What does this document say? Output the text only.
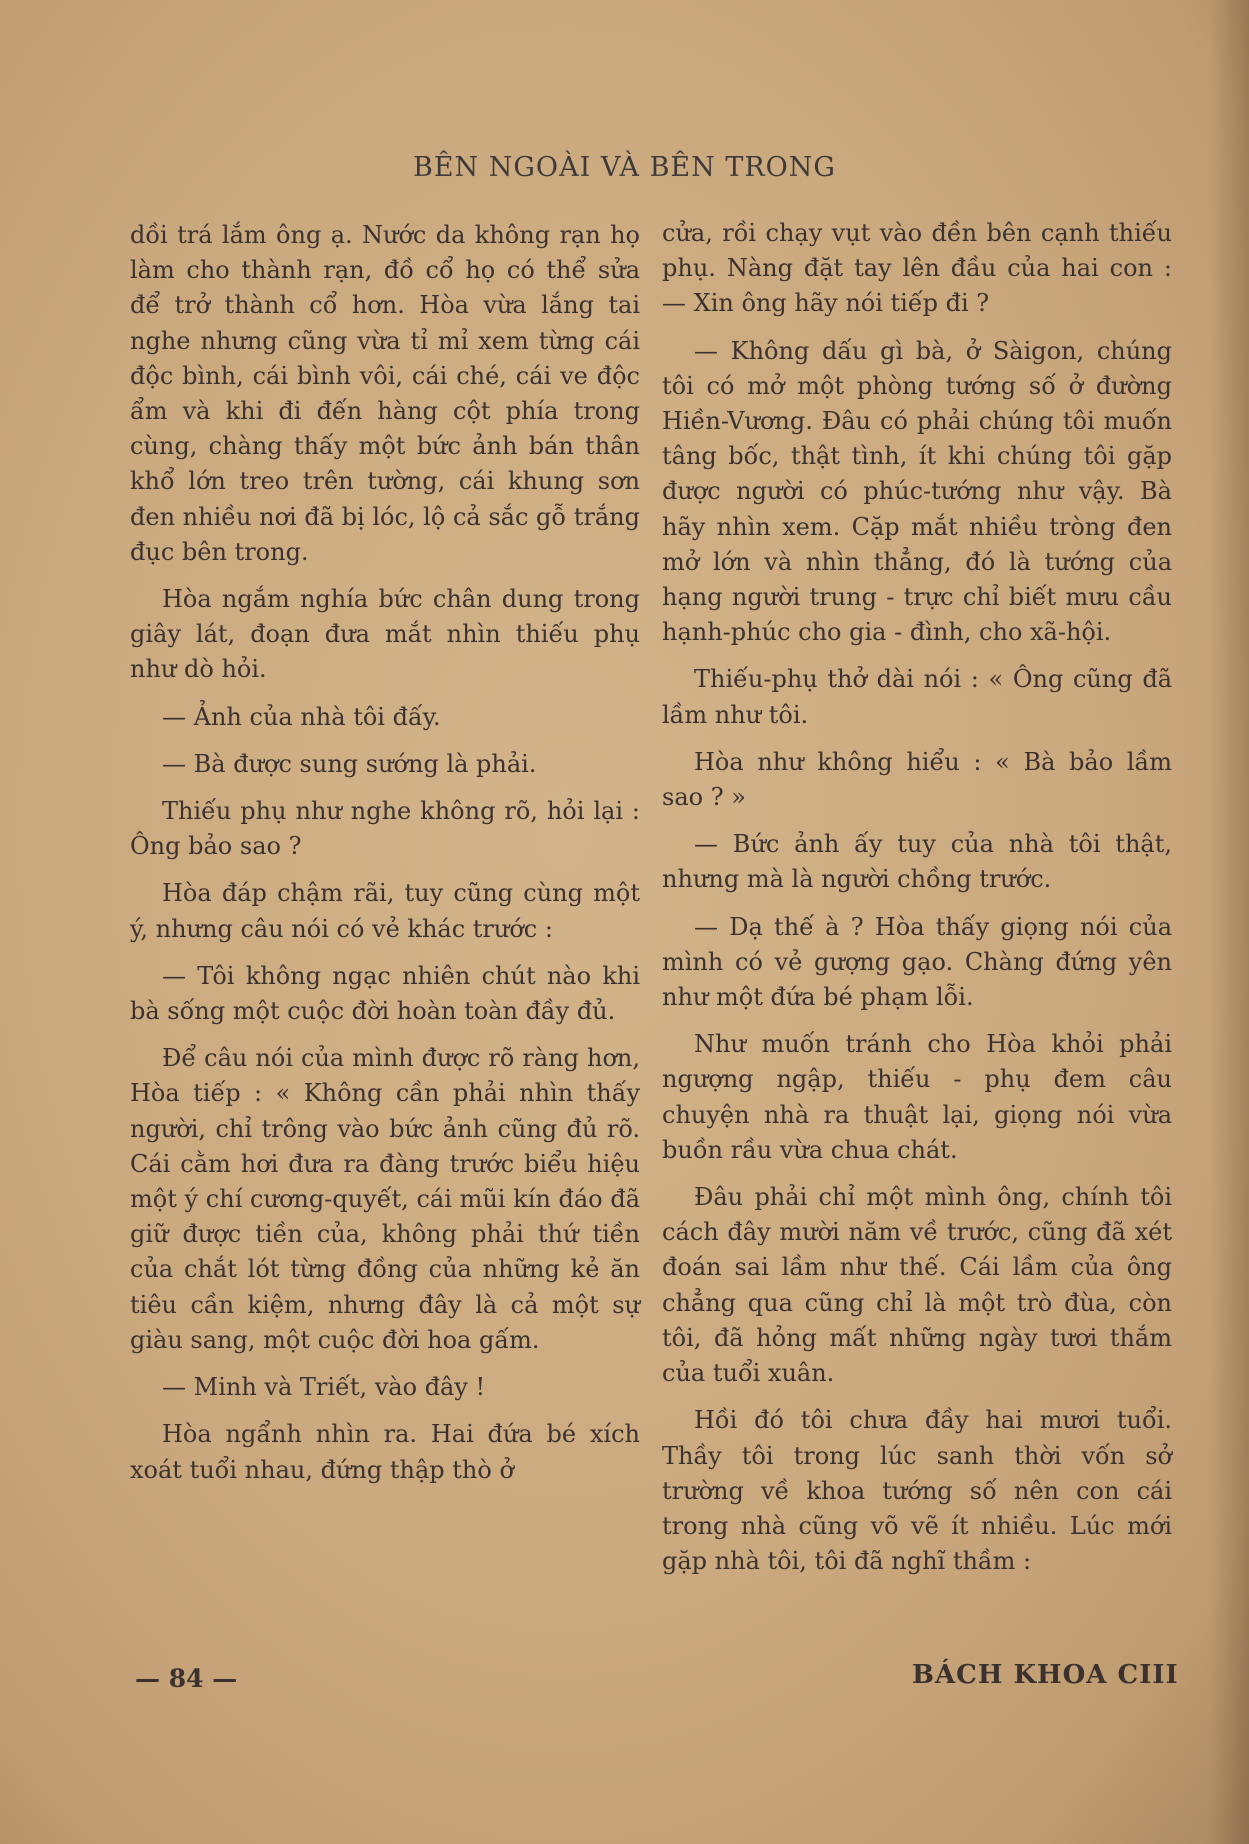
BÊN NGOÀI VÀ BÊN TRONG

dồi trá lắm ông ạ. Nước da không rạn họ làm cho thành rạn, đồ cổ họ có thể sửa để trở thành cổ hơn. Hòa vừa lắng tai nghe nhưng cũng vừa tỉ mỉ xem từng cái độc bình, cái bình vôi, cái ché, cái ve độc ẩm và khi đi đến hàng cột phía trong cùng, chàng thấy một bức ảnh bán thân khổ lớn treo trên tường, cái khung sơn đen nhiều nơi đã bị lóc, lộ cả sắc gỗ trắng đục bên trong.

Hòa ngắm nghía bức chân dung trong giây lát, đoạn đưa mắt nhìn thiếu phụ như dò hỏi.

— Ảnh của nhà tôi đấy.

— Bà được sung sướng là phải.

Thiếu phụ như nghe không rõ, hỏi lại : Ông bảo sao ?

Hòa đáp chậm rãi, tuy cũng cùng một ý, nhưng câu nói có vẻ khác trước :

— Tôi không ngạc nhiên chút nào khi bà sống một cuộc đời hoàn toàn đầy đủ.

Để câu nói của mình được rõ ràng hơn, Hòa tiếp : « Không cần phải nhìn thấy người, chỉ trông vào bức ảnh cũng đủ rõ. Cái cằm hơi đưa ra đàng trước biểu hiệu một ý chí cương-quyết, cái mũi kín đáo đã giữ được tiền của, không phải thứ tiền của chắt lót từng đồng của những kẻ ăn tiêu cần kiệm, nhưng đây là cả một sự giàu sang, một cuộc đời hoa gấm.

— Minh và Triết, vào đây !

Hòa ngẩnh nhìn ra. Hai đứa bé xích xoát tuổi nhau, đứng thập thò ở

cửa, rồi chạy vụt vào đền bên cạnh thiếu phụ. Nàng đặt tay lên đầu của hai con : — Xin ông hãy nói tiếp đi ?

— Không dấu gì bà, ở Sàigon, chúng tôi có mở một phòng tướng số ở đường Hiền-Vương. Đâu có phải chúng tôi muốn tâng bốc, thật tình, ít khi chúng tôi gặp được người có phúc-tướng như vậy. Bà hãy nhìn xem. Cặp mắt nhiều tròng đen mở lớn và nhìn thẳng, đó là tướng của hạng người trung - trực chỉ biết mưu cầu hạnh-phúc cho gia - đình, cho xã-hội.

Thiếu-phụ thở dài nói : « Ông cũng đã lầm như tôi.

Hòa như không hiểu : « Bà bảo lầm sao ? »

— Bức ảnh ấy tuy của nhà tôi thật, nhưng mà là người chồng trước.

— Dạ thế à ? Hòa thấy giọng nói của mình có vẻ gượng gạo. Chàng đứng yên như một đứa bé phạm lỗi.

Như muốn tránh cho Hòa khỏi phải ngượng ngập, thiếu - phụ đem câu chuyện nhà ra thuật lại, giọng nói vừa buồn rầu vừa chua chát.

Đâu phải chỉ một mình ông, chính tôi cách đây mười năm về trước, cũng đã xét đoán sai lầm như thế. Cái lầm của ông chẳng qua cũng chỉ là một trò đùa, còn tôi, đã hỏng mất những ngày tươi thắm của tuổi xuân.

Hồi đó tôi chưa đầy hai mươi tuổi. Thầy tôi trong lúc sanh thời vốn sở trường về khoa tướng số nên con cái trong nhà cũng võ vẽ ít nhiều. Lúc mới gặp nhà tôi, tôi đã nghĩ thầm :

— 84 —	BÁCH KHOA CIII
